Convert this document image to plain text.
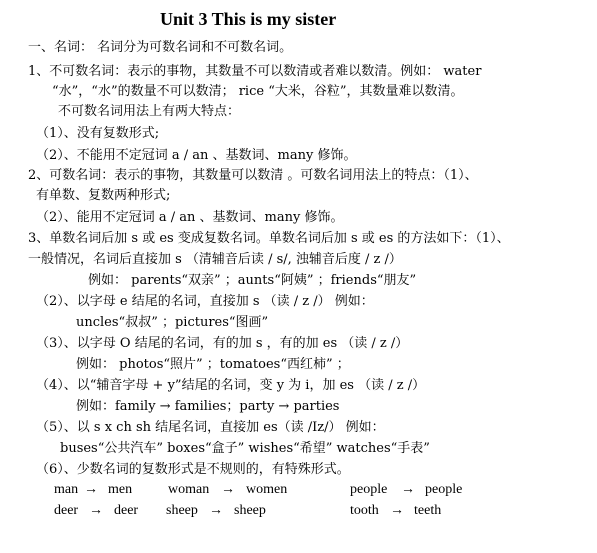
Unit 3 This is my sister
一、名词： 名词分为可数名词和不可数名词。
1、不可数名词：表示的事物，其数量不可以数清或者难以数清。例如： water
“水”，“水”的数量不可以数清； rice “大米，谷粒”，其数量难以数清。
不可数名词用法上有两大特点：
（1）、没有复数形式;
（2）、不能用不定冠词 a / an 、基数词、many 修饰。
2、可数名词：表示的事物，其数量可以数清 。可数名词用法上的特点：（1）、
有单数、复数两种形式;
（2）、能用不定冠词 a / an 、基数词、many 修饰。
3、单数名词后加 s 或 es 变成复数名词。单数名词后加 s 或 es 的方法如下：（1）、
一般情况，名词后直接加 s （清辅音后读 / s/, 浊辅音后度 / z /）
例如： parents“双亲” ；aunts“阿姨” ；friends“朋友”
（2）、以字母 e 结尾的名词，直接加 s （读 / z /） 例如：
uncles“叔叔” ；pictures“图画”
（3）、以字母 O 结尾的名词，有的加 s ，有的加 es （读 / z /）
例如： photos“照片” ；tomatoes“西红柿” ；
（4）、以“辅音字母 + y”结尾的名词，变 y 为 i，加 es （读 / z /）
例如：family → families；party → parties
（5）、以 s x ch sh 结尾名词，直接加 es（读 /Iz/） 例如：
buses“公共汽车” boxes“盒子” wishes“希望” watches“手表”
（6）、少数名词的复数形式是不规则的，有特殊形式。
man → men	woman → women	people → people
deer → deer sheep → sheep	tooth → teeth
